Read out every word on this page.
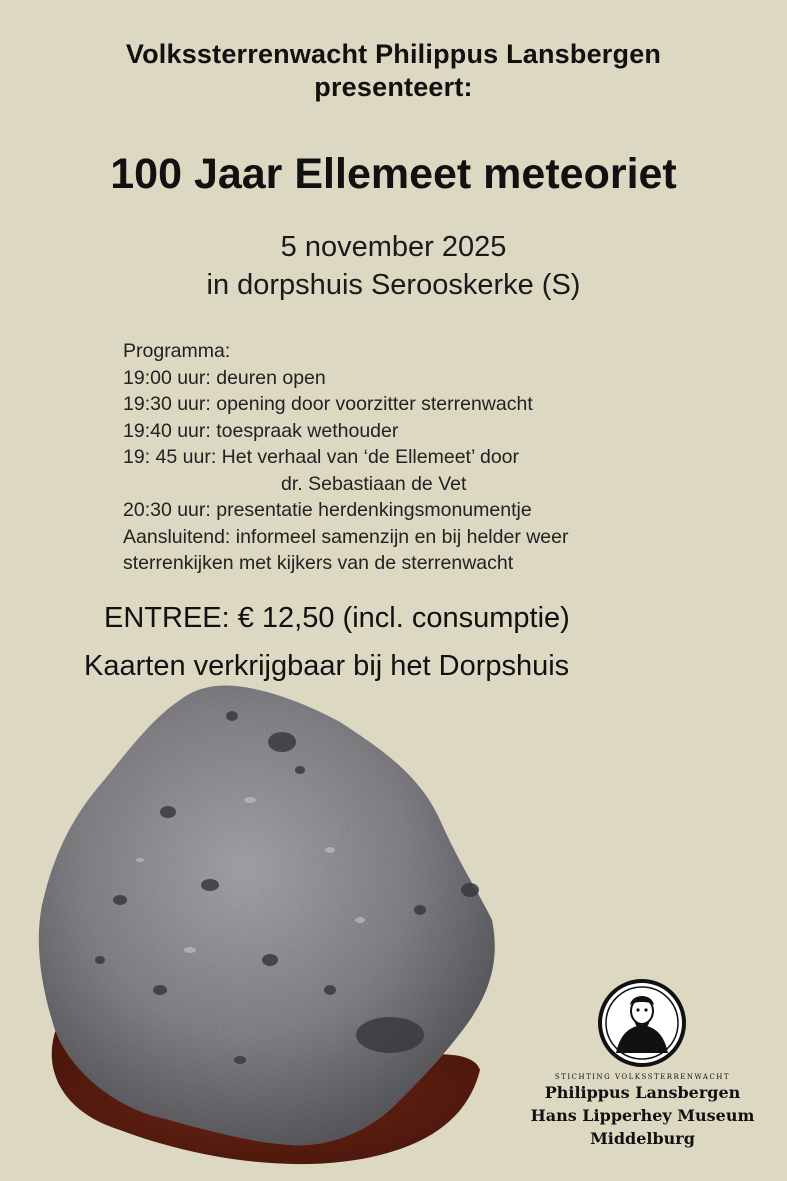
Volkssterrenwacht Philippus Lansbergen
presenteert:
100 Jaar Ellemeet meteoriet
5 november 2025
in dorpshuis Serooskerke (S)
Programma:
19:00 uur: deuren open
19:30 uur: opening door voorzitter sterrenwacht
19:40 uur: toespraak wethouder
19: 45 uur: Het verhaal van ‘de Ellemeet’ door
dr. Sebastiaan de Vet
20:30 uur: presentatie herdenkingsmonumentje
Aansluitend: informeel samenzijn en bij helder weer
sterrenkijken met kijkers van de sterrenwacht
ENTREE: € 12,50 (incl. consumptie)
Kaarten verkrijgbaar bij het Dorpshuis
STICHTING VOLKSSTERRENWACHT
Philippus Lansbergen
Hans Lipperhey Museum
Middelburg
